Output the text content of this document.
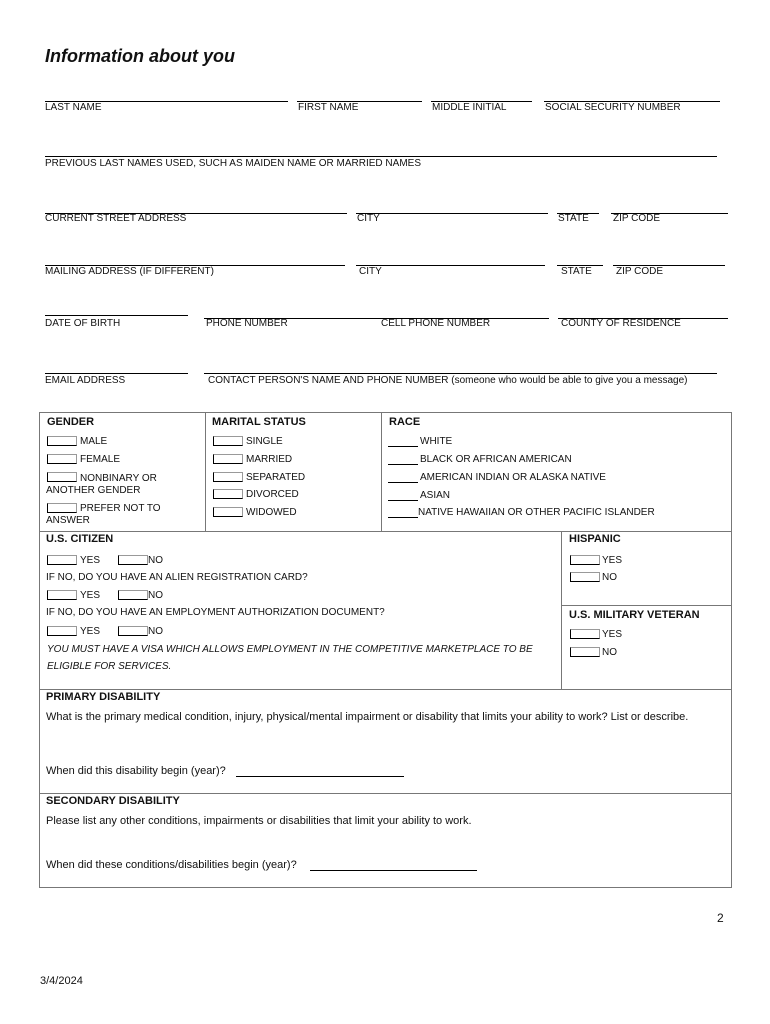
Information about you
LAST NAME	FIRST NAME	MIDDLE INITIAL	SOCIAL SECURITY NUMBER
PREVIOUS LAST NAMES USED, SUCH AS MAIDEN NAME OR MARRIED NAMES
CURRENT STREET ADDRESS	CITY	STATE ZIP CODE
MAILING ADDRESS (IF DIFFERENT)	CITY	STATE ZIP CODE
DATE OF BIRTH	PHONE NUMBER	CELL PHONE NUMBER	COUNTY OF RESIDENCE
EMAIL ADDRESS	CONTACT PERSON'S NAME AND PHONE NUMBER (someone who would be able to give you a message)
GENDER
MALE
FEMALE
NONBINARY OR
ANOTHER GENDER
PREFER NOT TO
ANSWER
MARITAL STATUS
SINGLE
MARRIED
SEPARATED
DIVORCED
WIDOWED
RACE
WHITE
BLACK OR AFRICAN AMERICAN
AMERICAN INDIAN OR ALASKA NATIVE
ASIAN
NATIVE HAWAIIAN OR OTHER PACIFIC ISLANDER
U.S. CITIZEN
YES	NO
IF NO, DO YOU HAVE AN ALIEN REGISTRATION CARD?
YES	NO
IF NO, DO YOU HAVE AN EMPLOYMENT AUTHORIZATION DOCUMENT?
YES	NO
YOU MUST HAVE A VISA WHICH ALLOWS EMPLOYMENT IN THE COMPETITIVE MARKETPLACE TO BE
ELIGIBLE FOR SERVICES.
HISPANIC
YES
NO
U.S. MILITARY VETERAN
YES
NO
PRIMARY DISABILITY
What is the primary medical condition, injury, physical/mental impairment or disability that limits your ability to work? List or describe.
When did this disability begin (year)?
SECONDARY DISABILITY
Please list any other conditions, impairments or disabilities that limit your ability to work.
When did these conditions/disabilities begin (year)?
2
3/4/2024
